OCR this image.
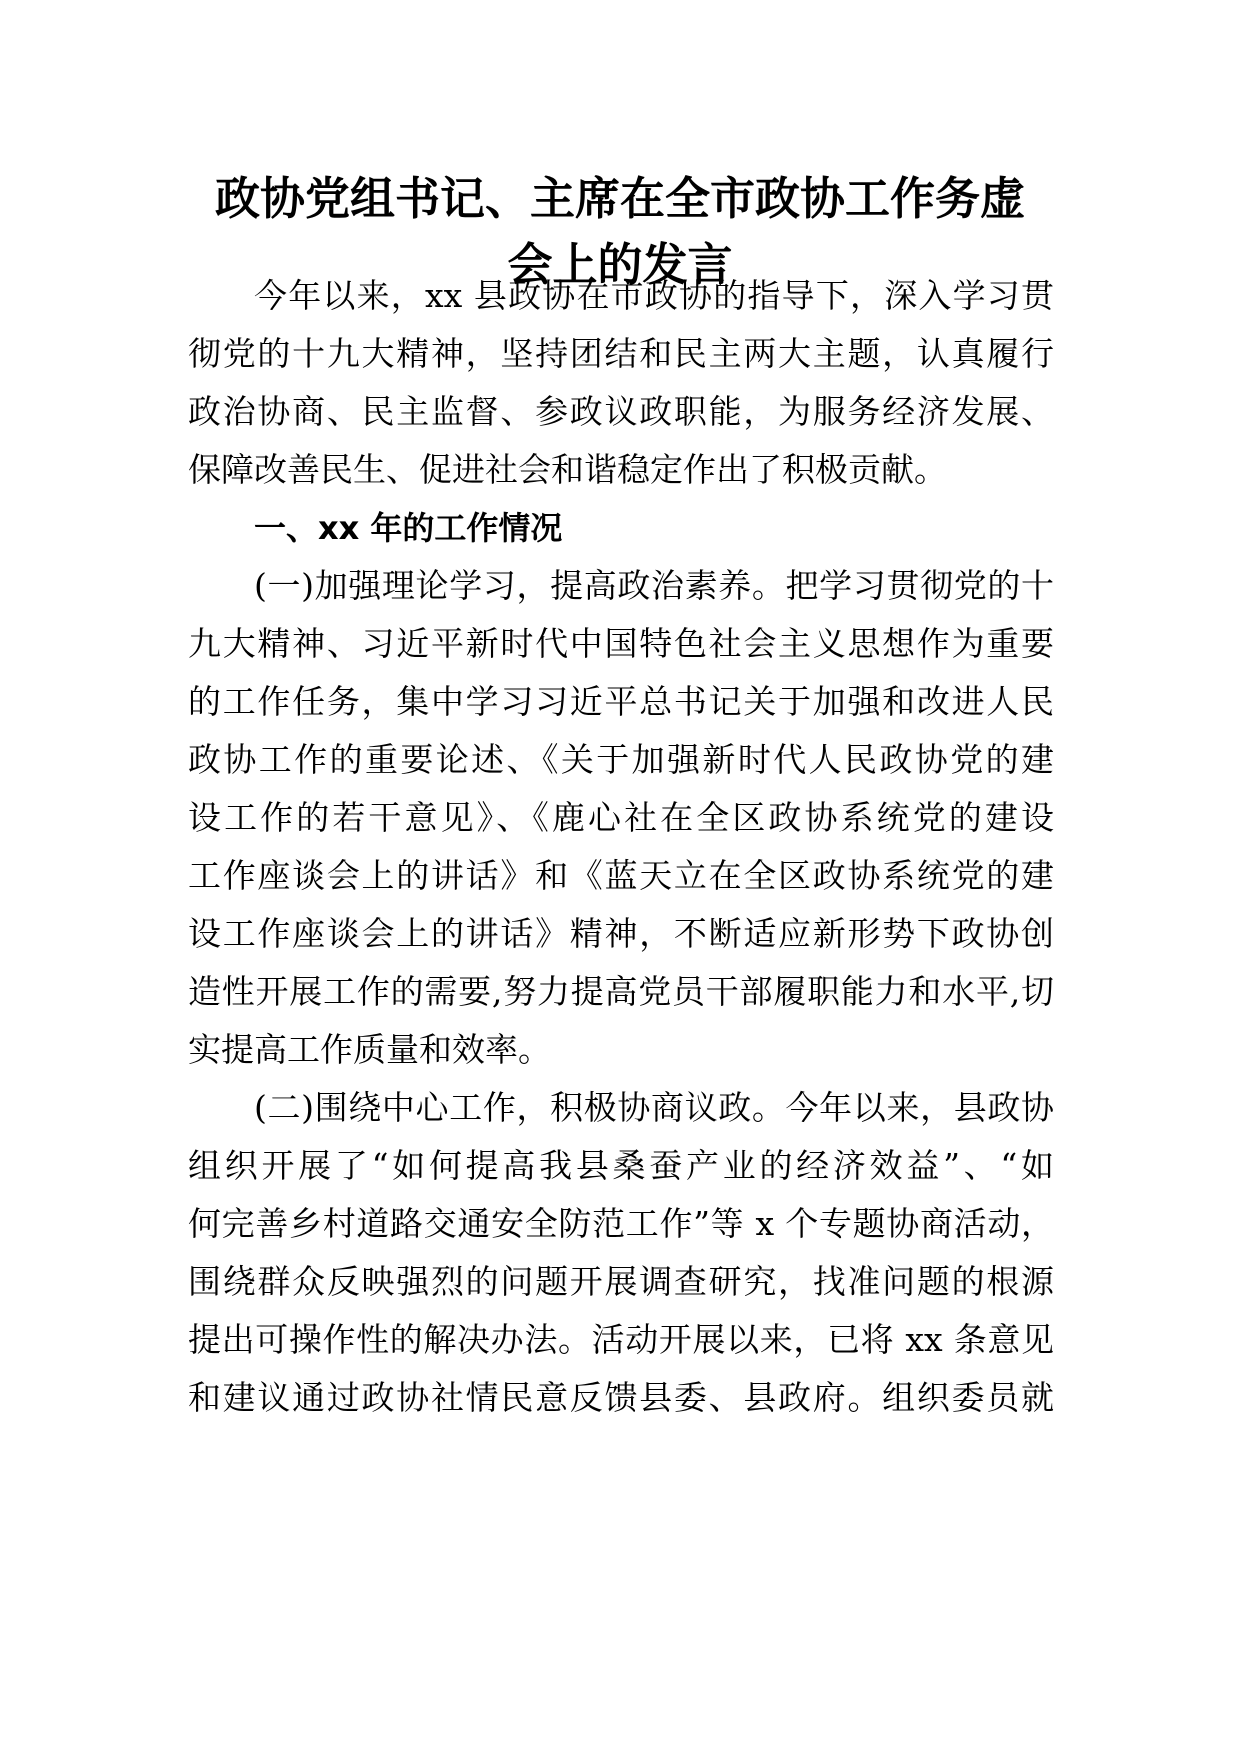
政协党组书记、主席在全市政协工作务虚
会上的发言
今年以来，xx 县政协在市政协的指导下，深入学习贯
彻党的十九大精神，坚持团结和民主两大主题，认真履行
政治协商、民主监督、参政议政职能，为服务经济发展、
保障改善民生、促进社会和谐稳定作出了积极贡献。
一、xx 年的工作情况
(一)加强理论学习，提高政治素养。把学习贯彻党的十
九大精神、习近平新时代中国特色社会主义思想作为重要
的工作任务，集中学习习近平总书记关于加强和改进人民
政协工作的重要论述、《关于加强新时代人民政协党的建
设工作的若干意见》、《鹿心社在全区政协系统党的建设
工作座谈会上的讲话》和《蓝天立在全区政协系统党的建
设工作座谈会上的讲话》精神，不断适应新形势下政协创
造性开展工作的需要,努力提高党员干部履职能力和水平,切
实提高工作质量和效率。
(二)围绕中心工作，积极协商议政。今年以来，县政协
组织开展了“如何提高我县桑蚕产业的经济效益”、“如
何完善乡村道路交通安全防范工作”等 x 个专题协商活动，
围绕群众反映强烈的问题开展调查研究，找准问题的根源
提出可操作性的解决办法。活动开展以来，已将 xx 条意见
和建议通过政协社情民意反馈县委、县政府。组织委员就
